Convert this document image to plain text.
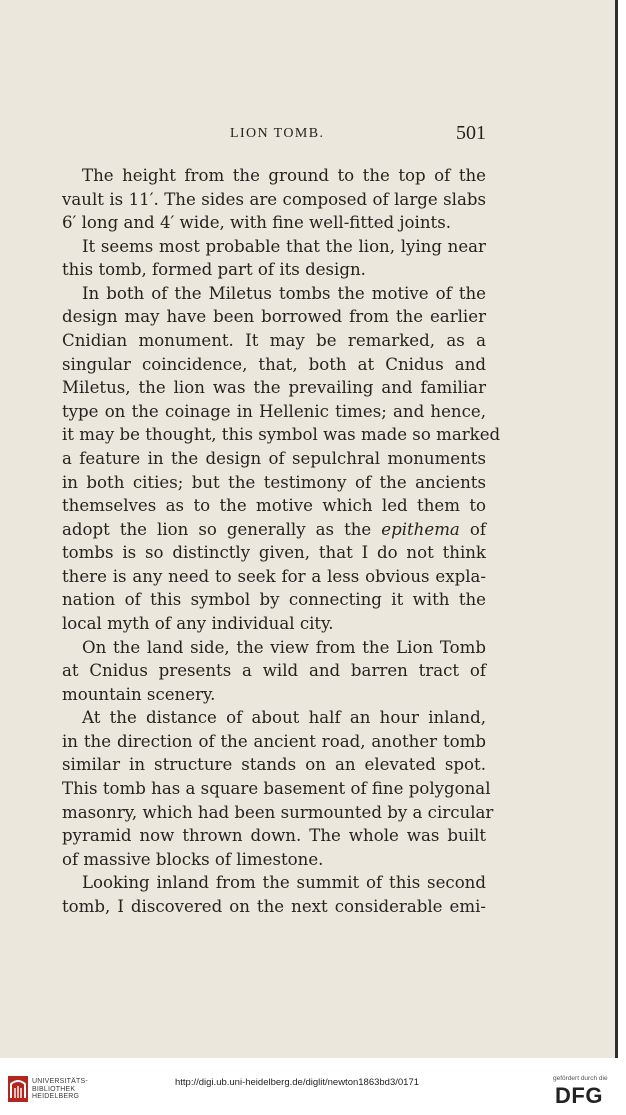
LION TOMB.	501
The height from the ground to the top of the
vault is 11′. The sides are composed of large slabs
6′ long and 4′ wide, with fine well-fitted joints.
It seems most probable that the lion, lying near
this tomb, formed part of its design.
In both of the Miletus tombs the motive of the
design may have been borrowed from the earlier
Cnidian monument. It may be remarked, as a
singular coincidence, that, both at Cnidus and
Miletus, the lion was the prevailing and familiar
type on the coinage in Hellenic times; and hence,
it may be thought, this symbol was made so marked
a feature in the design of sepulchral monuments
in both cities; but the testimony of the ancients
themselves as to the motive which led them to
adopt the lion so generally as the epithema of
tombs is so distinctly given, that I do not think
there is any need to seek for a less obvious expla-
nation of this symbol by connecting it with the
local myth of any individual city.
On the land side, the view from the Lion Tomb
at Cnidus presents a wild and barren tract of
mountain scenery.
At the distance of about half an hour inland,
in the direction of the ancient road, another tomb
similar in structure stands on an elevated spot.
This tomb has a square basement of fine polygonal
masonry, which had been surmounted by a circular
pyramid now thrown down. The whole was built
of massive blocks of limestone.
Looking inland from the summit of this second
tomb, I discovered on the next considerable emi-
UNIVERSITÄTS-
BIBLIOTHEK
HEIDELBERG
http://digi.ub.uni-heidelberg.de/diglit/newton1863bd3/0171	gefördert durch die
DFG
